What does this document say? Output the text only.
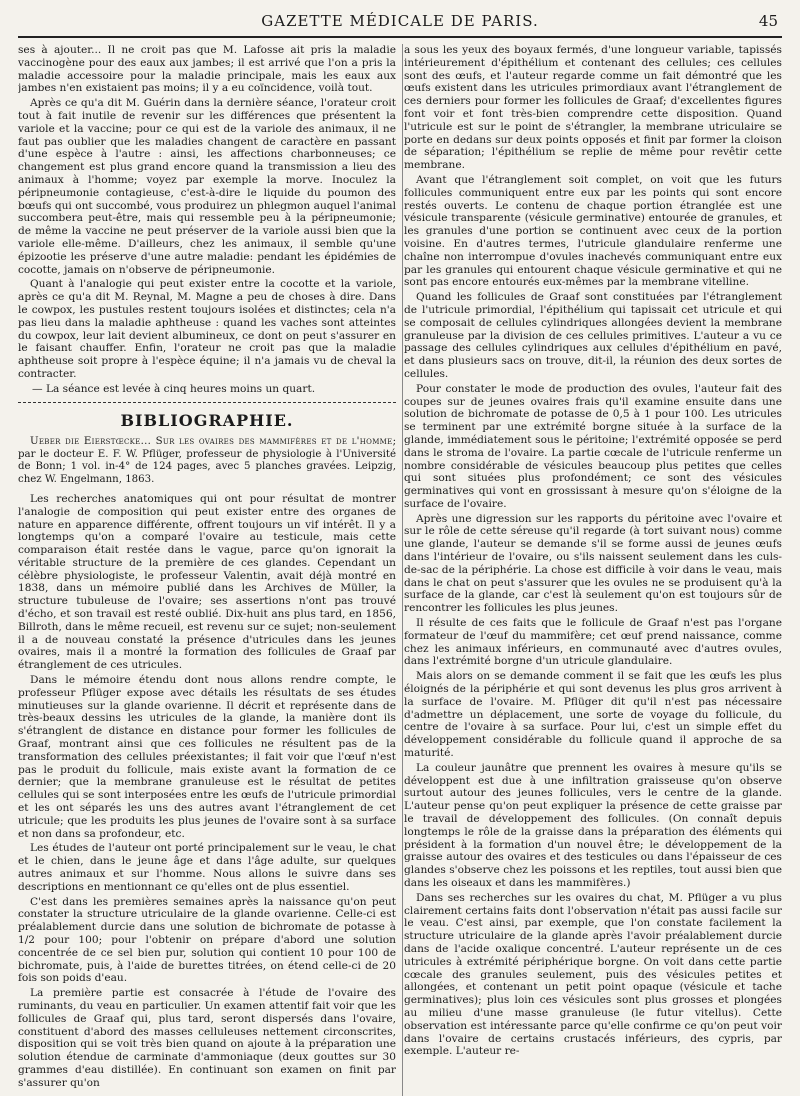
GAZETTE MÉDICALE DE PARIS.	45

ses à ajouter... Il ne croit pas que M. Lafosse ait pris la maladie vaccinogène pour des eaux aux jambes; il est arrivé que l'on a pris la maladie accessoire pour la maladie principale, mais les eaux aux jambes n'en existaient pas moins; il y a eu coïncidence, voilà tout.

Après ce qu'a dit M. Guérin dans la dernière séance, l'orateur croit tout à fait inutile de revenir sur les différences que présentent la variole et la vaccine; pour ce qui est de la variole des animaux, il ne faut pas oublier que les maladies changent de caractère en passant d'une espèce à l'autre : ainsi, les affections charbonneuses; ce changement est plus grand encore quand la transmission a lieu des animaux à l'homme; voyez par exemple la morve. Inoculez la péripneumonie contagieuse, c'est-à-dire le liquide du poumon des bœufs qui ont succombé, vous produirez un phlegmon auquel l'animal succombera peut-être, mais qui ressemble peu à la péripneumonie; de même la vaccine ne peut préserver de la variole aussi bien que la variole elle-même. D'ailleurs, chez les animaux, il semble qu'une épizootie les préserve d'une autre maladie: pendant les épidémies de cocotte, jamais on n'observe de péripneumonie.

Quant à l'analogie qui peut exister entre la cocotte et la variole, après ce qu'a dit M. Reynal, M. Magne a peu de choses à dire. Dans le cowpox, les pustules restent toujours isolées et distinctes; cela n'a pas lieu dans la maladie aphtheuse : quand les vaches sont atteintes du cowpox, leur lait devient albumineux, ce dont on peut s'assurer en le faisant chauffer. Enfin, l'orateur ne croit pas que la maladie aphtheuse soit propre à l'espèce équine; il n'a jamais vu de cheval la contracter.

— La séance est levée à cinq heures moins un quart.
BIBLIOGRAPHIE.
Ueber die Eierstœcke... Sur les ovaires des mammifères et de l'homme; par le docteur E. F. W. Pflüger, professeur de physiologie à l'Université de Bonn; 1 vol. in-4° de 124 pages, avec 5 planches gravées. Leipzig, chez W. Engelmann, 1863.

Les recherches anatomiques qui ont pour résultat de montrer l'analogie de composition qui peut exister entre des organes de nature en apparence différente, offrent toujours un vif intérêt. Il y a longtemps qu'on a comparé l'ovaire au testicule, mais cette comparaison était restée dans le vague, parce qu'on ignorait la véritable structure de la première de ces glandes. Cependant un célèbre physiologiste, le professeur Valentin, avait déjà montré en 1838, dans un mémoire publié dans les Archives de Müller, la structure tubuleuse de l'ovaire; ses assertions n'ont pas trouvé d'écho, et son travail est resté oublié. Dix-huit ans plus tard, en 1856, Billroth, dans le même recueil, est revenu sur ce sujet; non-seulement il a de nouveau constaté la présence d'utricules dans les jeunes ovaires, mais il a montré la formation des follicules de Graaf par étranglement de ces utricules.

Dans le mémoire étendu dont nous allons rendre compte, le professeur Pflüger expose avec détails les résultats de ses études minutieuses sur la glande ovarienne. Il décrit et représente dans de très-beaux dessins les utricules de la glande, la manière dont ils s'étranglent de distance en distance pour former les follicules de Graaf, montrant ainsi que ces follicules ne résultent pas de la transformation des cellules préexistantes; il fait voir que l'œuf n'est pas le produit du follicule, mais existe avant la formation de ce dernier; que la membrane granuleuse est le résultat de petites cellules qui se sont interposées entre les œufs de l'utricule primordial et les ont séparés les uns des autres avant l'étranglement de cet utricule; que les produits les plus jeunes de l'ovaire sont à sa surface et non dans sa profondeur, etc.

Les études de l'auteur ont porté principalement sur le veau, le chat et le chien, dans le jeune âge et dans l'âge adulte, sur quelques autres animaux et sur l'homme. Nous allons le suivre dans ses descriptions en mentionnant ce qu'elles ont de plus essentiel.

C'est dans les premières semaines après la naissance qu'on peut constater la structure utriculaire de la glande ovarienne. Celle-ci est préalablement durcie dans une solution de bichromate de potasse à 1/2 pour 100; pour l'obtenir on prépare d'abord une solution concentrée de ce sel bien pur, solution qui contient 10 pour 100 de bichromate, puis, à l'aide de burettes titrées, on étend celle-ci de 20 fois son poids d'eau.

La première partie est consacrée à l'étude de l'ovaire des ruminants, du veau en particulier. Un examen attentif fait voir que les follicules de Graaf qui, plus tard, seront dispersés dans l'ovaire, constituent d'abord des masses celluleuses nettement circonscrites, disposition qui se voit très bien quand on ajoute à la préparation une solution étendue de carminate d'ammoniaque (deux gouttes sur 30 grammes d'eau distillée). En continuant son examen on finit par s'assurer qu'on

a sous les yeux des boyaux fermés, d'une longueur variable, tapissés intérieurement d'épithélium et contenant des cellules; ces cellules sont des œufs, et l'auteur regarde comme un fait démontré que les œufs existent dans les utricules primordiaux avant l'étranglement de ces derniers pour former les follicules de Graaf; d'excellentes figures font voir et font très-bien comprendre cette disposition. Quand l'utricule est sur le point de s'étrangler, la membrane utriculaire se porte en dedans sur deux points opposés et finit par former la cloison de séparation; l'épithélium se replie de même pour revêtir cette membrane.

Avant que l'étranglement soit complet, on voit que les futurs follicules communiquent entre eux par les points qui sont encore restés ouverts. Le contenu de chaque portion étranglée est une vésicule transparente (vésicule germinative) entourée de granules, et les granules d'une portion se continuent avec ceux de la portion voisine. En d'autres termes, l'utricule glandulaire renferme une chaîne non interrompue d'ovules inachevés communiquant entre eux par les granules qui entourent chaque vésicule germinative et qui ne sont pas encore entourés eux-mêmes par la membrane vitelline.

Quand les follicules de Graaf sont constituées par l'étranglement de l'utricule primordial, l'épithélium qui tapissait cet utricule et qui se composait de cellules cylindriques allongées devient la membrane granuleuse par la division de ces cellules primitives. L'auteur a vu ce passage des cellules cylindriques aux cellules d'épithélium en pavé, et dans plusieurs sacs on trouve, dit-il, la réunion des deux sortes de cellules.

Pour constater le mode de production des ovules, l'auteur fait des coupes sur de jeunes ovaires frais qu'il examine ensuite dans une solution de bichromate de potasse de 0,5 à 1 pour 100. Les utricules se terminent par une extrémité borgne située à la surface de la glande, immédiatement sous le péritoine; l'extrémité opposée se perd dans le stroma de l'ovaire. La partie cœcale de l'utricule renferme un nombre considérable de vésicules beaucoup plus petites que celles qui sont situées plus profondément; ce sont des vésicules germinatives qui vont en grossissant à mesure qu'on s'éloigne de la surface de l'ovaire.

Après une digression sur les rapports du péritoine avec l'ovaire et sur le rôle de cette séreuse qu'il regarde (à tort suivant nous) comme une glande, l'auteur se demande s'il se forme aussi de jeunes œufs dans l'intérieur de l'ovaire, ou s'ils naissent seulement dans les culs-de-sac de la périphérie. La chose est difficile à voir dans le veau, mais dans le chat on peut s'assurer que les ovules ne se produisent qu'à la surface de la glande, car c'est là seulement qu'on est toujours sûr de rencontrer les follicules les plus jeunes.

Il résulte de ces faits que le follicule de Graaf n'est pas l'organe formateur de l'œuf du mammifère; cet œuf prend naissance, comme chez les animaux inférieurs, en communauté avec d'autres ovules, dans l'extrémité borgne d'un utricule glandulaire.

Mais alors on se demande comment il se fait que les œufs les plus éloignés de la périphérie et qui sont devenus les plus gros arrivent à la surface de l'ovaire. M. Pflüger dit qu'il n'est pas nécessaire d'admettre un déplacement, une sorte de voyage du follicule, du centre de l'ovaire à sa surface. Pour lui, c'est un simple effet du développement considérable du follicule quand il approche de sa maturité.

La couleur jaunâtre que prennent les ovaires à mesure qu'ils se développent est due à une infiltration graisseuse qu'on observe surtout autour des jeunes follicules, vers le centre de la glande. L'auteur pense qu'on peut expliquer la présence de cette graisse par le travail de développement des follicules. (On connaît depuis longtemps le rôle de la graisse dans la préparation des éléments qui président à la formation d'un nouvel être; le développement de la graisse autour des ovaires et des testicules ou dans l'épaisseur de ces glandes s'observe chez les poissons et les reptiles, tout aussi bien que dans les oiseaux et dans les mammifères.)

Dans ses recherches sur les ovaires du chat, M. Pflüger a vu plus clairement certains faits dont l'observation n'était pas aussi facile sur le veau. C'est ainsi, par exemple, que l'on constate facilement la structure utriculaire de la glande après l'avoir préalablement durcie dans de l'acide oxalique concentré. L'auteur représente un de ces utricules à extrémité périphérique borgne. On voit dans cette partie cœcale des granules seulement, puis des vésicules petites et allongées, et contenant un petit point opaque (vésicule et tache germinatives); plus loin ces vésicules sont plus grosses et plongées au milieu d'une masse granuleuse (le futur vitellus). Cette observation est intéressante parce qu'elle confirme ce qu'on peut voir dans l'ovaire de certains crustacés inférieurs, des cypris, par exemple. L'auteur re-
